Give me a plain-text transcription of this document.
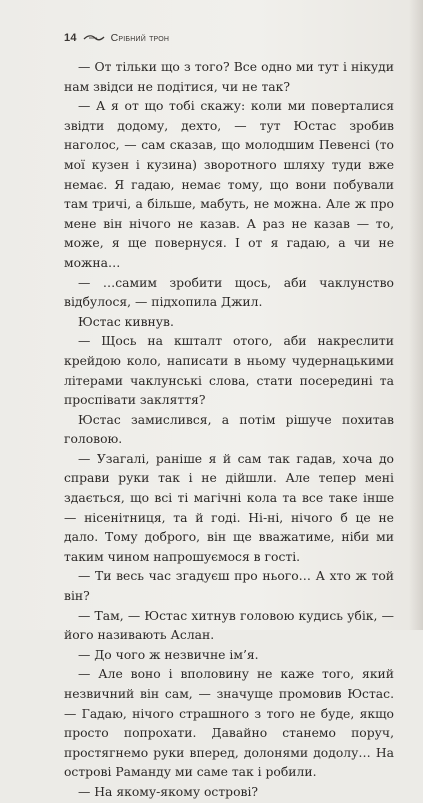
14	Срібний трон

— От тільки що з того? Все одно ми тут і нікуди нам звідси не подітися, чи не так?

— А я от що тобі скажу: коли ми поверталися звідти додому, дехто, — тут Юстас зробив наголос, — сам сказав, що молодшим Певенсі (то мої кузен і кузина) зворотного шляху туди вже немає. Я гадаю, немає тому, що вони побували там тричі, а більше, мабуть, не можна. Але ж про мене він нічого не казав. А раз не казав — то, може, я ще повернуся. І от я гадаю, а чи не можна…

— …самим зробити щось, аби чаклунство відбулося, — підхопила Джил.

Юстас кивнув.

— Щось на кшталт отого, аби накреслити крейдою коло, написати в ньому чудернацькими літерами чаклунські слова, стати посередині та проспівати закляття?

Юстас замислився, а потім рішуче похитав головою.

— Узагалі, раніше я й сам так гадав, хоча до справи руки так і не дійшли. Але тепер мені здається, що всі ті магічні кола та все таке інше — нісенітниця, та й годі. Ні-ні, нічого б це не дало. Тому доброго, він ще вважатиме, ніби ми таким чином напрошуємося в гості.

— Ти весь час згадуєш про нього… А хто ж той він?

— Там, — Юстас хитнув головою кудись убік, — його називають Аслан.

— До чого ж незвичне ім’я.

— Але воно і вполовину не каже того, який незвичний він сам, — значуще промовив Юстас. — Гадаю, нічого страшного з того не буде, якщо просто попрохати. Давайно станемо поруч, простягнемо руки вперед, долонями додолу… На острові Раманду ми саме так і робили.

— На якому-якому острові?
